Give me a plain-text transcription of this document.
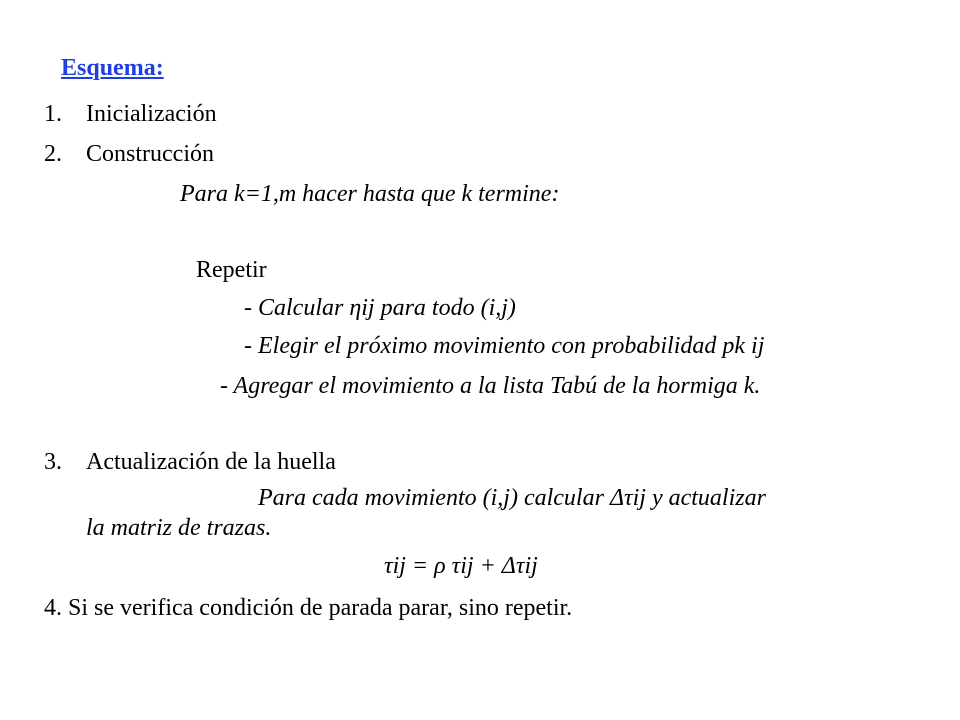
Esquema:
1. Inicialización
2. Construcción
Para k=1,m hacer hasta que k termine:
Repetir
- Calcular ηij para todo (i,j)
- Elegir el próximo movimiento con probabilidad pk ij
- Agregar el movimiento a la lista Tabú de la hormiga k.
3. Actualización de la huella
Para cada movimiento (i,j) calcular Δτij y actualizar
la matriz de trazas.
τij = ρ τij + Δτij
4. Si se verifica condición de parada parar, sino repetir.
